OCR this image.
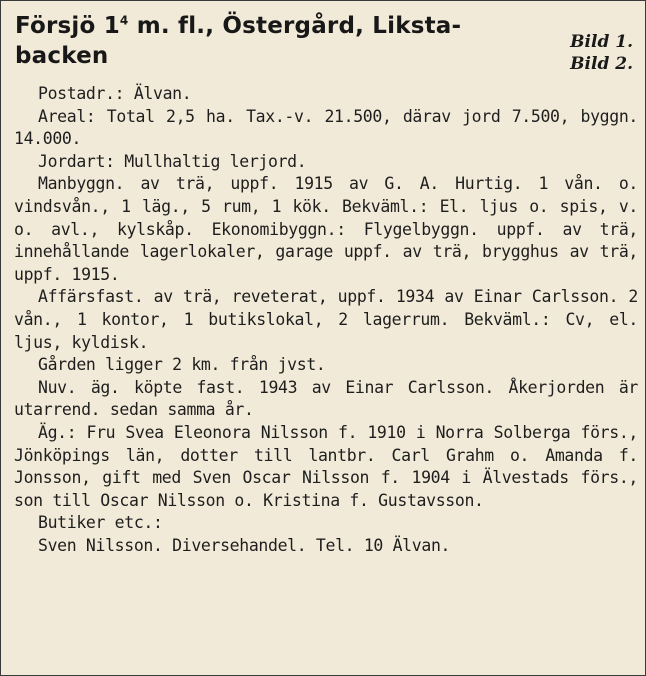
Försjö $1^4$ m. fl., Östergård, Liksta-backen
Bild 1.
Bild 2.

Postadr.: Älvan.

Areal: Total 2,5 ha. Tax.-v. 21.500, därav jord 7.500, byggn. 14.000.

Jordart: Mullhaltig lerjord.

Manbyggn. av trä, uppf. 1915 av G. A. Hurtig. 1 vån. o. vindsvån., 1 läg., 5 rum, 1 kök. Bekväml.: El. ljus o. spis, v. o. avl., kylskåp. Ekonomibyggn.: Flygelbyggn. uppf. av trä, innehållande lagerlokaler, garage uppf. av trä, brygghus av trä, uppf. 1915.

Affärsfast. av trä, reveterat, uppf. 1934 av Einar Carlsson. 2 vån., 1 kontor, 1 butikslokal, 2 lagerrum. Bekväml.: Cv, el. ljus, kyldisk.

Gården ligger 2 km. från jvst.

Nuv. äg. köpte fast. 1943 av Einar Carlsson. Åkerjorden är utarrend. sedan samma år.

Äg.: Fru Svea Eleonora Nilsson f. 1910 i Norra Solberga förs., Jönköpings län, dotter till lantbr. Carl Grahm o. Amanda f. Jonsson, gift med Sven Oscar Nilsson f. 1904 i Älvestads förs., son till Oscar Nilsson o. Kristina f. Gustavsson.

Butiker etc.:

Sven Nilsson. Diversehandel. Tel. 10 Älvan.
